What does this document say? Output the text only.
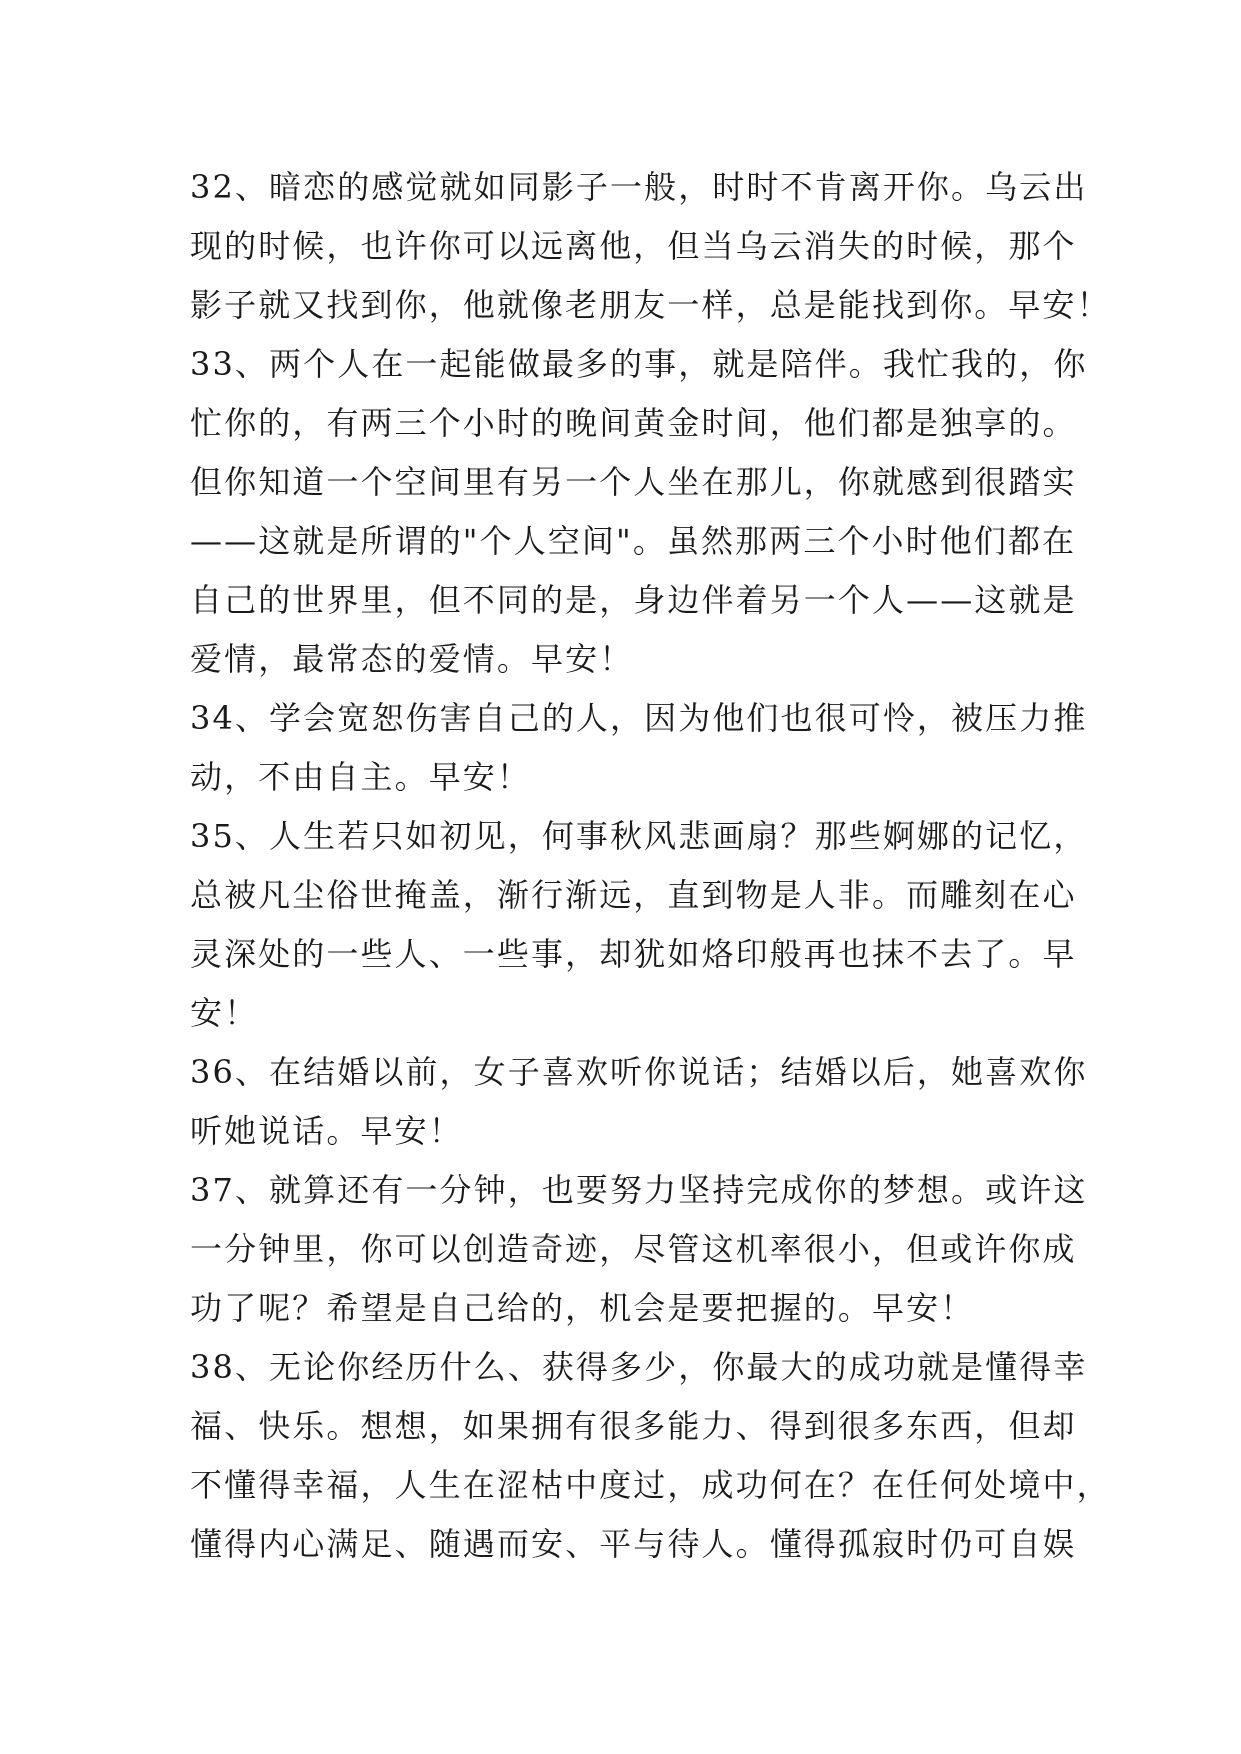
32、暗恋的感觉就如同影子一般，时时不肯离开你。乌云出
现的时候，也许你可以远离他，但当乌云消失的时候，那个
影子就又找到你，他就像老朋友一样，总是能找到你。早安！
33、两个人在一起能做最多的事，就是陪伴。我忙我的，你
忙你的，有两三个小时的晚间黄金时间，他们都是独享的。
但你知道一个空间里有另一个人坐在那儿，你就感到很踏实
——这就是所谓的"个人空间"。虽然那两三个小时他们都在
自己的世界里，但不同的是，身边伴着另一个人——这就是
爱情，最常态的爱情。早安！
34、学会宽恕伤害自己的人，因为他们也很可怜，被压力推
动，不由自主。早安！
35、人生若只如初见，何事秋风悲画扇？那些婀娜的记忆，
总被凡尘俗世掩盖，渐行渐远，直到物是人非。而雕刻在心
灵深处的一些人、一些事，却犹如烙印般再也抹不去了。早
安！
36、在结婚以前，女子喜欢听你说话；结婚以后，她喜欢你
听她说话。早安！
37、就算还有一分钟，也要努力坚持完成你的梦想。或许这
一分钟里，你可以创造奇迹，尽管这机率很小，但或许你成
功了呢？希望是自己给的，机会是要把握的。早安！
38、无论你经历什么、获得多少，你最大的成功就是懂得幸
福、快乐。想想，如果拥有很多能力、得到很多东西，但却
不懂得幸福，人生在涩枯中度过，成功何在？在任何处境中，
懂得内心满足、随遇而安、平与待人。懂得孤寂时仍可自娱
